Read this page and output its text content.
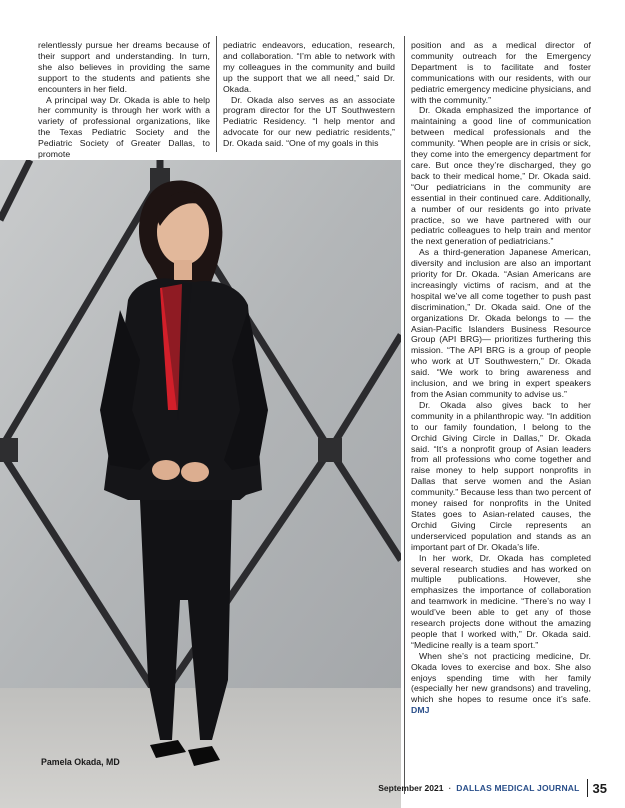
relentlessly pursue her dreams because of their support and understanding. In turn, she also believes in providing the same support to the students and patients she encounters in her field.

A principal way Dr. Okada is able to help her community is through her work with a variety of professional organizations, like the Texas Pediatric Society and the Pediatric Society of Greater Dallas, to promote

pediatric endeavors, education, research, and collaboration. “I’m able to network with my colleagues in the community and build up the support that we all need,” said Dr. Okada.

Dr. Okada also serves as an associate program director for the UT Southwestern Pediatric Residency. “I help mentor and advocate for our new pediatric residents,” Dr. Okada said. “One of my goals in this

position and as a medical director of community outreach for the Emergency Department is to facilitate and foster communications with our residents, with our pediatric emergency medicine physicians, and with the community.”

Dr. Okada emphasized the importance of maintaining a good line of communication between medical professionals and the community. “When people are in crisis or sick, they come into the emergency department for care. But once they’re discharged, they go back to their medical home,” Dr. Okada said. “Our pediatricians in the community are essential in their continued care. Additionally, a number of our residents go into private practice, so we have partnered with our pediatric colleagues to help train and mentor the next generation of pediatricians.”

As a third-generation Japanese American, diversity and inclusion are also an important priority for Dr. Okada. “Asian Americans are increasingly victims of racism, and at the hospital we’ve all come together to push past discrimination,” Dr. Okada said. One of the organizations Dr. Okada belongs to — the Asian-Pacific Islanders Business Resource Group (API BRG)— prioritizes furthering this mission. “The API BRG is a group of people who work at UT Southwestern,” Dr. Okada said. “We work to bring awareness and inclusion, and we bring in expert speakers from the Asian community to advise us.”

Dr. Okada also gives back to her community in a philanthropic way. “In addition to our family foundation, I belong to the Orchid Giving Circle in Dallas,” Dr. Okada said. “It’s a nonprofit group of Asian leaders from all professions who come together and raise money to help support nonprofits in Dallas that serve women and the Asian community.” Because less than two percent of money raised for nonprofits in the United States goes to Asian-related causes, the Orchid Giving Circle represents an underserviced population and stands as an important part of Dr. Okada’s life.

In her work, Dr. Okada has completed several research studies and has worked on multiple publications. However, she emphasizes the importance of collaboration and teamwork in medicine. “There’s no way I would’ve been able to get any of those research projects done without the amazing people that I worked with,” Dr. Okada said. “Medicine really is a team sport.”

When she’s not practicing medicine, Dr. Okada loves to exercise and box. She also enjoys spending time with her family (especially her new grandsons) and traveling, which she hopes to resume once it’s safe. DMJ

Pamela Okada, MD
September 2021 · DALLAS MEDICAL JOURNAL 35
